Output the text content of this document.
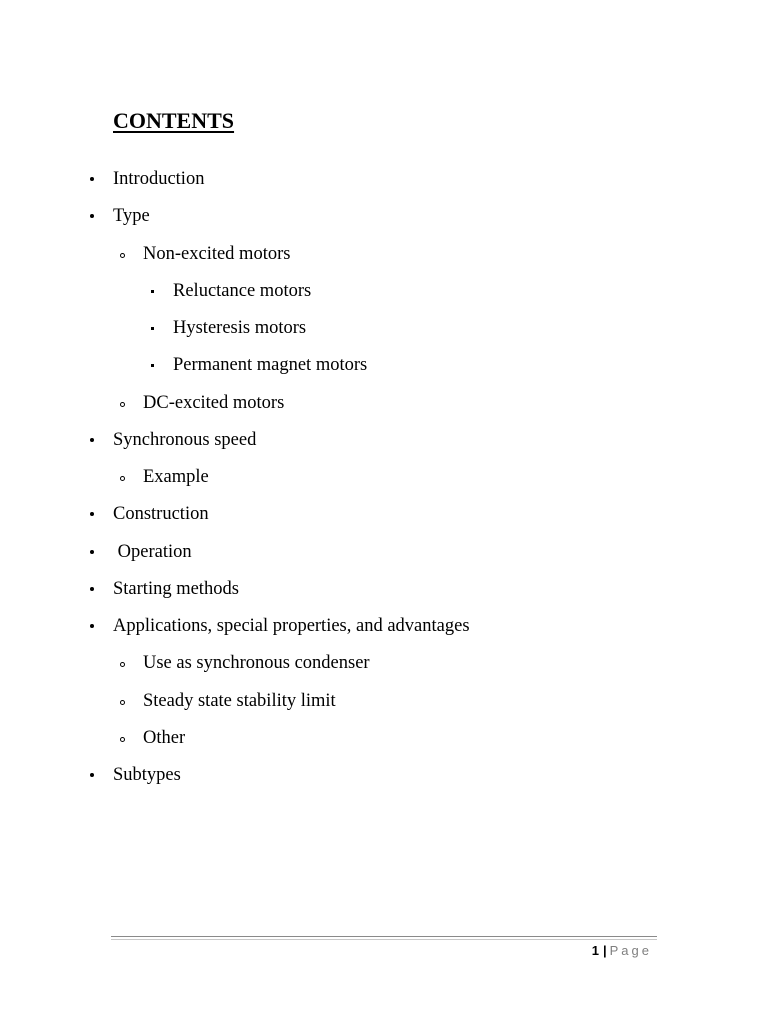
CONTENTS
Introduction
Type
Non-excited motors
Reluctance motors
Hysteresis motors
Permanent magnet motors
DC-excited motors
Synchronous speed
Example
Construction
Operation
Starting methods
Applications, special properties, and advantages
Use as synchronous condenser
Steady state stability limit
Other
Subtypes
1 | Page
